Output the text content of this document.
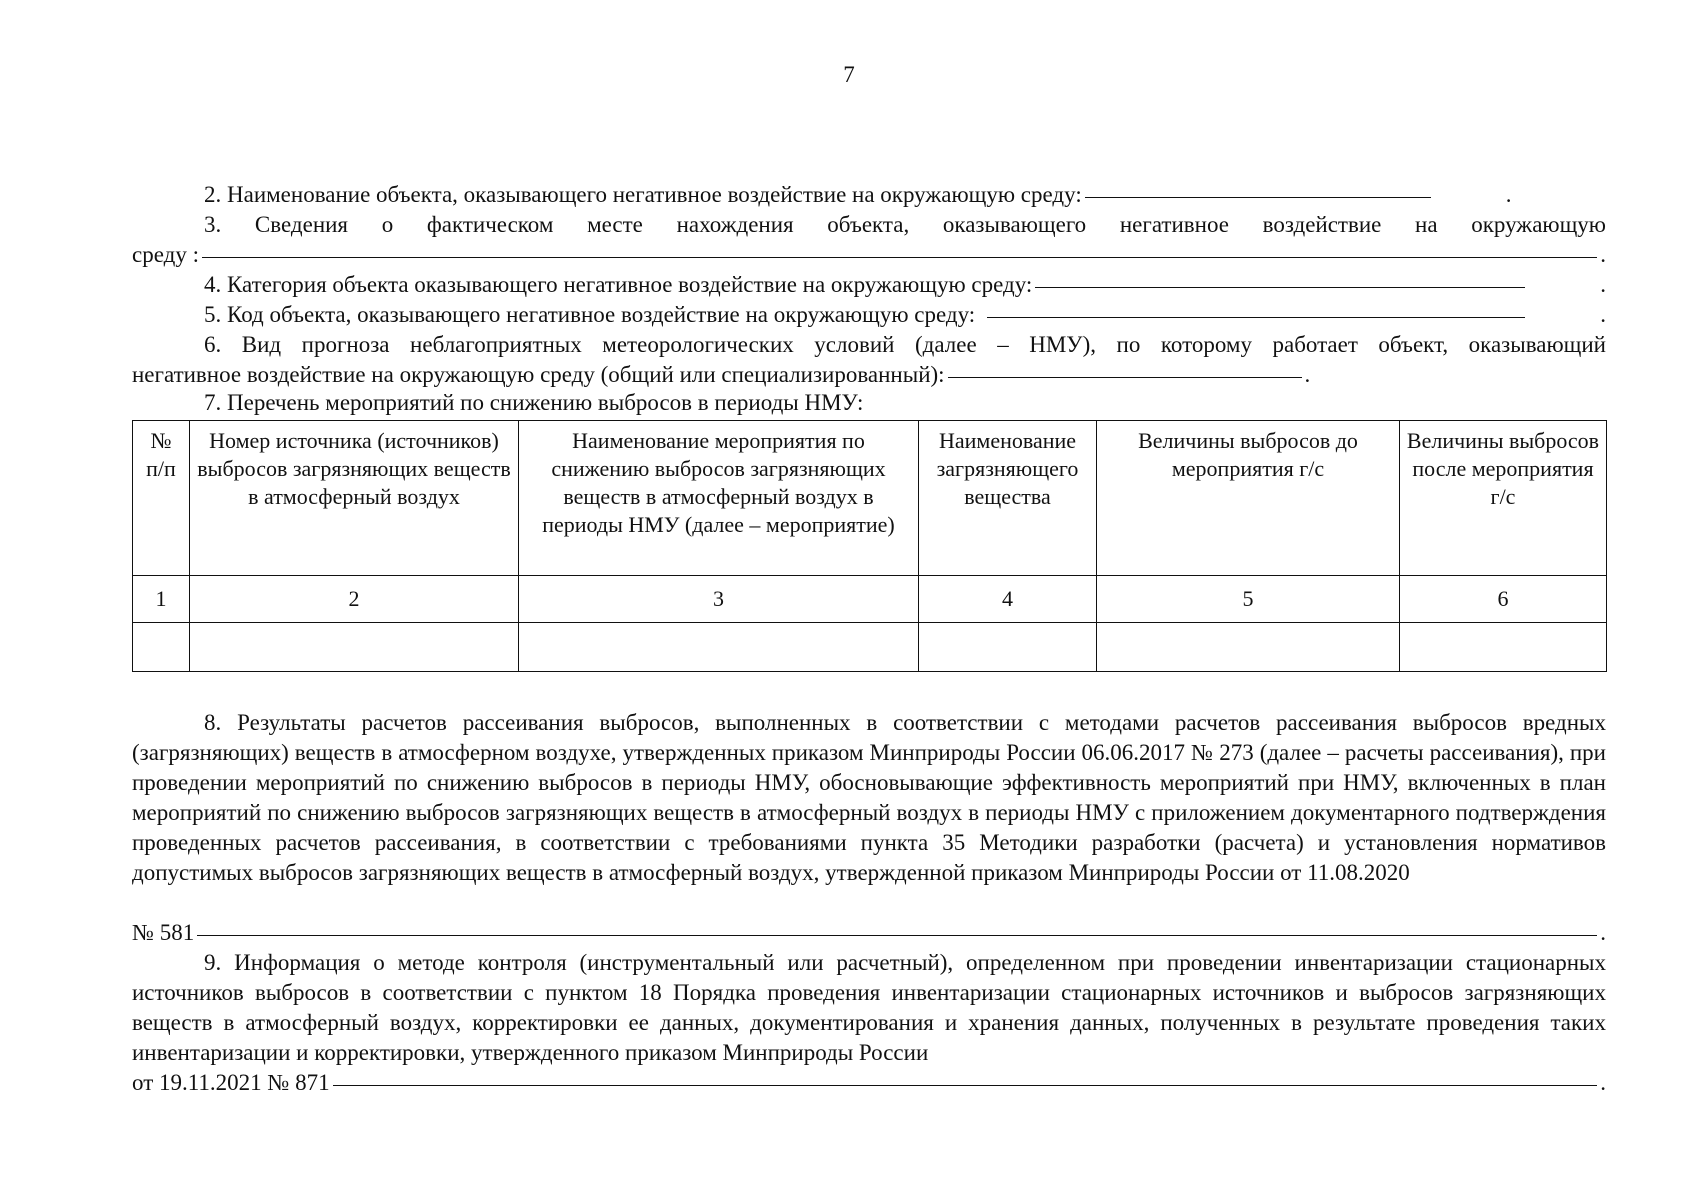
7
2. Наименование объекта, оказывающего негативное воздействие на окружающую среду:	.
3. Сведения о фактическом месте нахождения объекта, оказывающего негативное воздействие на окружающую
среду :	.
4. Категория объекта оказывающего негативное воздействие на окружающую среду:	.
5. Код объекта, оказывающего негативное воздействие на окружающую среду:	.
6. Вид прогноза неблагоприятных метеорологических условий (далее – НМУ), по которому работает объект, оказывающий
негативное воздействие на окружающую среду (общий или специализированный):	.
7. Перечень мероприятий по снижению выбросов в периоды НМУ:
№ п/п	Номер источника (источников) выбросов загрязняющих веществ в атмосферный воздух	Наименование мероприятия по снижению выбросов загрязняющих веществ в атмосферный воздух в периоды НМУ (далее – мероприятие)	Наименование загрязняющего вещества	Величины выбросов до мероприятия г/с	Величины выбросов после мероприятия г/с
1	2	3	4	5	6

8. Результаты расчетов рассеивания выбросов, выполненных в соответствии с методами расчетов рассеивания выбросов вредных (загрязняющих) веществ в атмосферном воздухе, утвержденных приказом Минприроды России 06.06.2017 № 273 (далее – расчеты рассеивания), при проведении мероприятий по снижению выбросов в периоды НМУ, обосновывающие эффективность мероприятий при НМУ, включенных в план мероприятий по снижению выбросов загрязняющих веществ в атмосферный воздух в периоды НМУ с приложением документарного подтверждения проведенных расчетов рассеивания, в соответствии с требованиями пункта 35 Методики разработки (расчета) и установления нормативов допустимых выбросов загрязняющих веществ в атмосферный воздух, утвержденной приказом Минприроды России от 11.08.2020
№ 581	.
9. Информация о методе контроля (инструментальный или расчетный), определенном при проведении инвентаризации стационарных источников выбросов в соответствии с пунктом 18 Порядка проведения инвентаризации стационарных источников и выбросов загрязняющих веществ в атмосферный воздух, корректировки ее данных, документирования и хранения данных, полученных в результате проведения таких инвентаризации и корректировки, утвержденного приказом Минприроды России
от 19.11.2021 № 871	.
